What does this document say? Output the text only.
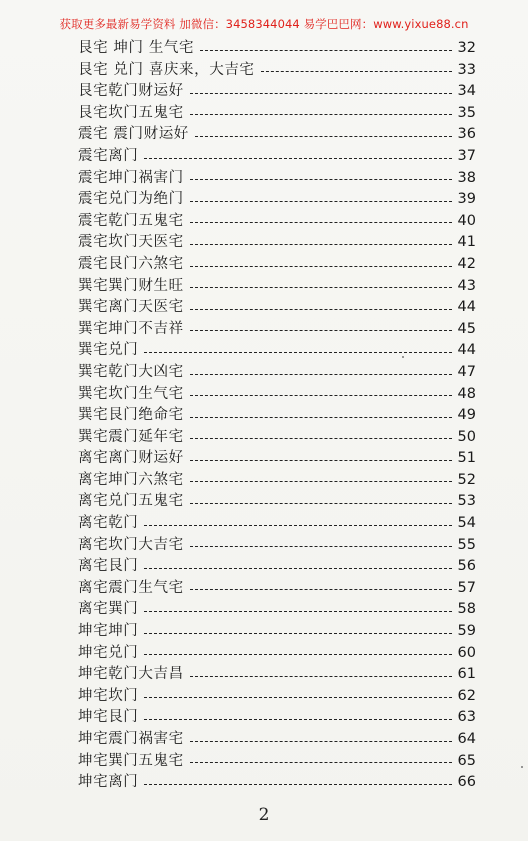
获取更多最新易学资料 加微信：3458344044 易学巴巴网：www.yixue88.cn
艮宅 坤门 生气宅	32
艮宅 兑门 喜庆来，大吉宅	33
艮宅乾门财运好	34
艮宅坎门五鬼宅	35
震宅 震门财运好	36
震宅离门	37
震宅坤门祸害门	38
震宅兑门为绝门	39
震宅乾门五鬼宅	40
震宅坎门天医宅	41
震宅艮门六煞宅	42
巽宅巽门财生旺	43
巽宅离门天医宅	44
巽宅坤门不吉祥	45
巽宅兑门	44
巽宅乾门大凶宅	47
巽宅坎门生气宅	48
巽宅艮门绝命宅	49
巽宅震门延年宅	50
离宅离门财运好	51
离宅坤门六煞宅	52
离宅兑门五鬼宅	53
离宅乾门	54
离宅坎门大吉宅	55
离宅艮门	56
离宅震门生气宅	57
离宅巽门	58
坤宅坤门	59
坤宅兑门	60
坤宅乾门大吉昌	61
坤宅坎门	62
坤宅艮门	63
坤宅震门祸害宅	64
坤宅巽门五鬼宅	65
坤宅离门	66
2
